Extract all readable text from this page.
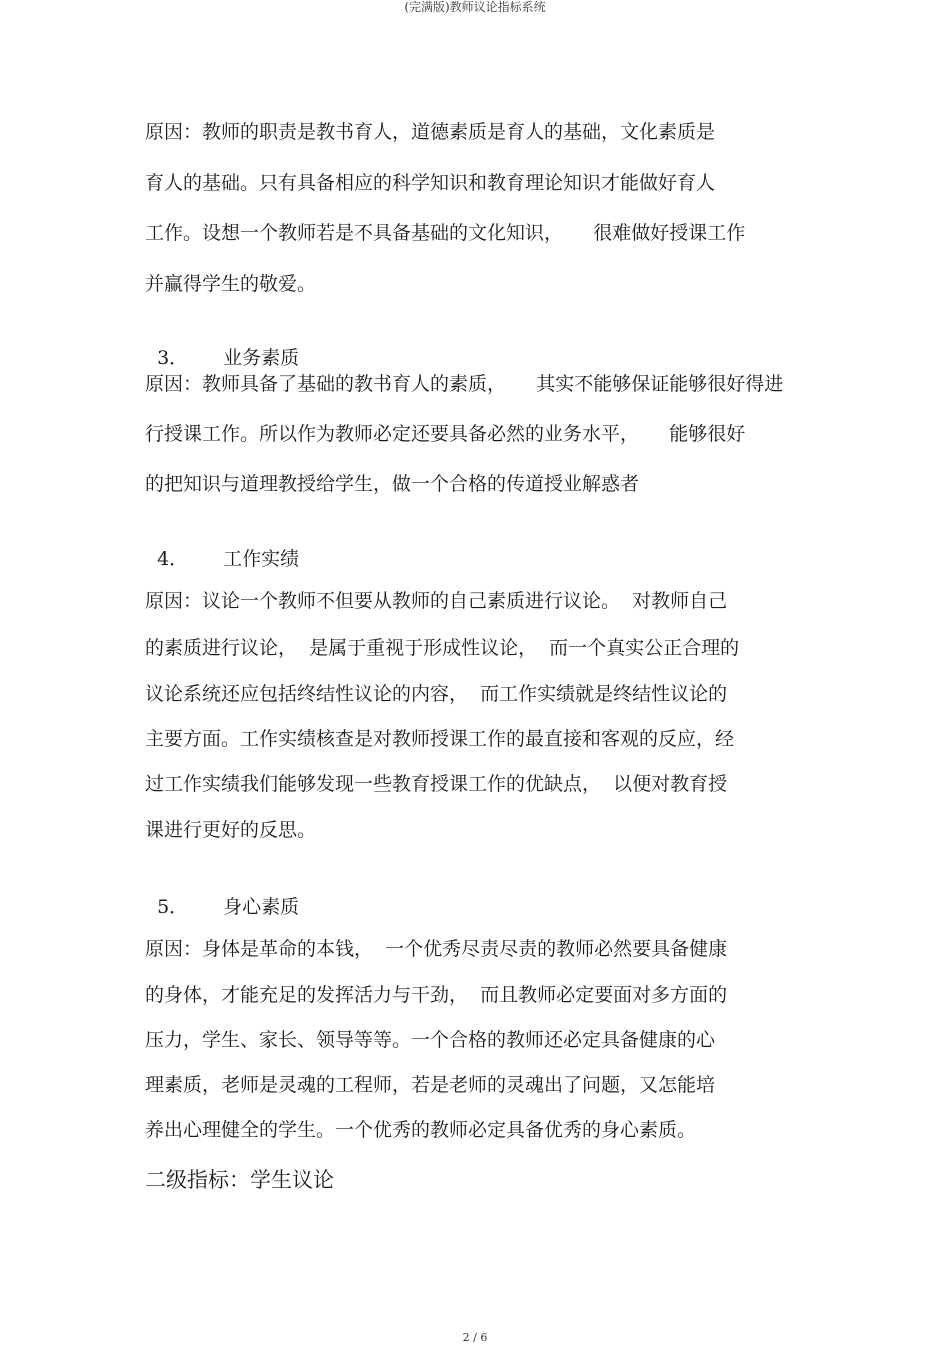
(完满版)教师议论指标系统
原因：教师的职责是教书育人，道德素质是育人的基础，文化素质是
育人的基础。只有具备相应的科学知识和教育理论知识才能做好育人
工作。设想一个教师若是不具备基础的文化知识，     很难做好授课工作
并赢得学生的敬爱。

3． 业务素质

原因：教师具备了基础的教书育人的素质，     其实不能够保证能够很好得进
行授课工作。所以作为教师必定还要具备必然的业务水平，     能够很好
的把知识与道理教授给学生，做一个合格的传道授业解惑者

4． 工作实绩

原因：议论一个教师不但要从教师的自己素质进行议论。  对教师自己
的素质进行议论，  是属于重视于形成性议论，  而一个真实公正合理的
议论系统还应包括终结性议论的内容，  而工作实绩就是终结性议论的
主要方面。工作实绩核查是对教师授课工作的最直接和客观的反应，经
过工作实绩我们能够发现一些教育授课工作的优缺点，  以便对教育授
课进行更好的反思。

5． 身心素质

原因：身体是革命的本钱，  一个优秀尽责尽责的教师必然要具备健康
的身体，才能充足的发挥活力与干劲，  而且教师必定要面对多方面的
压力，学生、家长、领导等等。一个合格的教师还必定具备健康的心
理素质，老师是灵魂的工程师，若是老师的灵魂出了问题，又怎能培
养出心理健全的学生。一个优秀的教师必定具备优秀的身心素质。
二级指标：学生议论
2 / 6
